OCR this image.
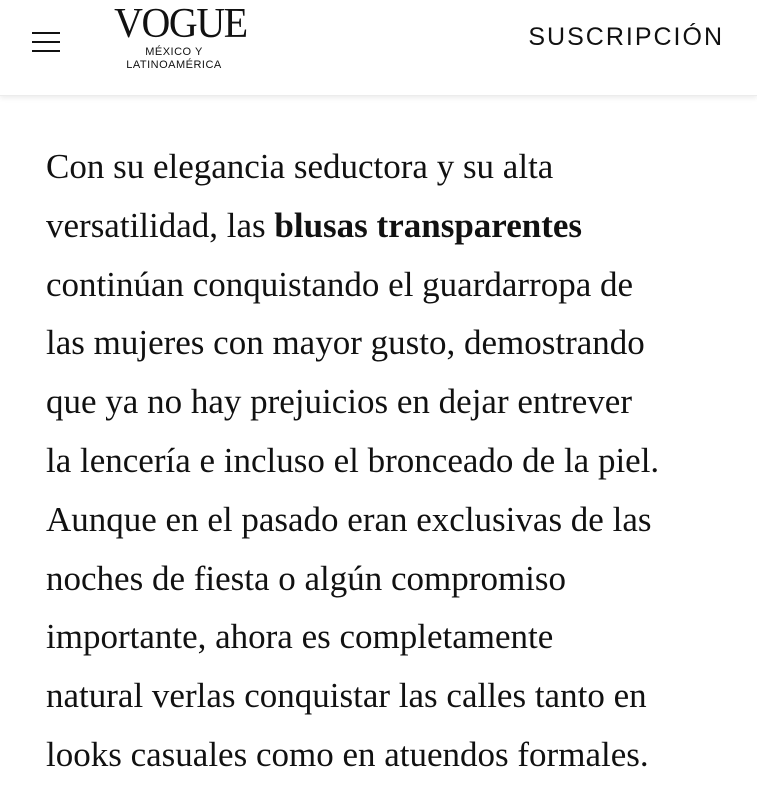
VOGUE
MÉXICO Y
LATINOAMÉRICA
SUSCRIPCIÓN

Con su elegancia seductora y su alta
versatilidad, las blusas transparentes
continúan conquistando el guardarropa de
las mujeres con mayor gusto, demostrando
que ya no hay prejuicios en dejar entrever
la lencería e incluso el bronceado de la piel.
Aunque en el pasado eran exclusivas de las
noches de fiesta o algún compromiso
importante, ahora es completamente
natural verlas conquistar las calles tanto en
looks casuales como en atuendos formales.
